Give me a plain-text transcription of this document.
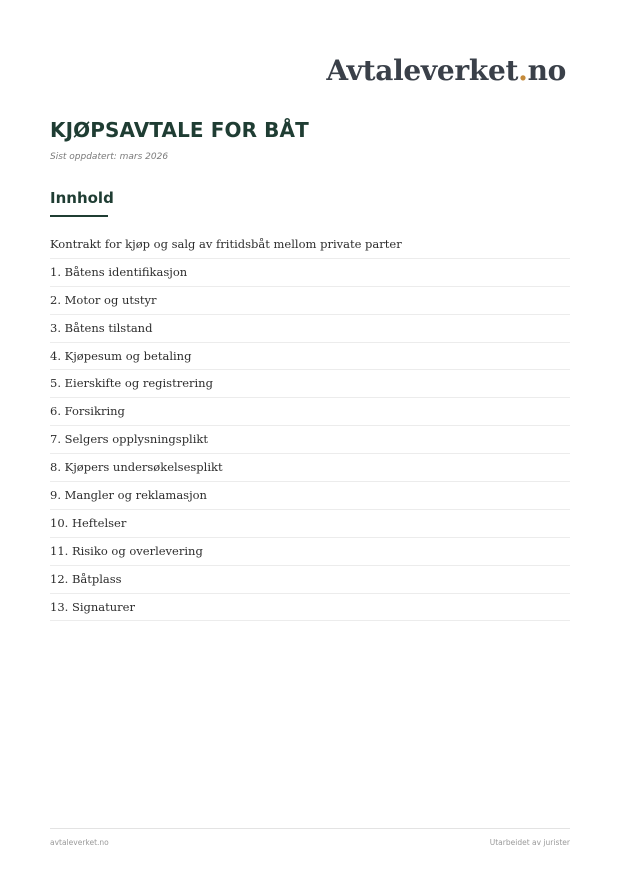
Avtaleverket.no
KJØPSAVTALE FOR BÅT
Sist oppdatert: mars 2026
Innhold
Kontrakt for kjøp og salg av fritidsbåt mellom private parter
1. Båtens identifikasjon
2. Motor og utstyr
3. Båtens tilstand
4. Kjøpesum og betaling
5. Eierskifte og registrering
6. Forsikring
7. Selgers opplysningsplikt
8. Kjøpers undersøkelsesplikt
9. Mangler og reklamasjon
10. Heftelser
11. Risiko og overlevering
12. Båtplass
13. Signaturer
avtaleverket.no	Utarbeidet av jurister
